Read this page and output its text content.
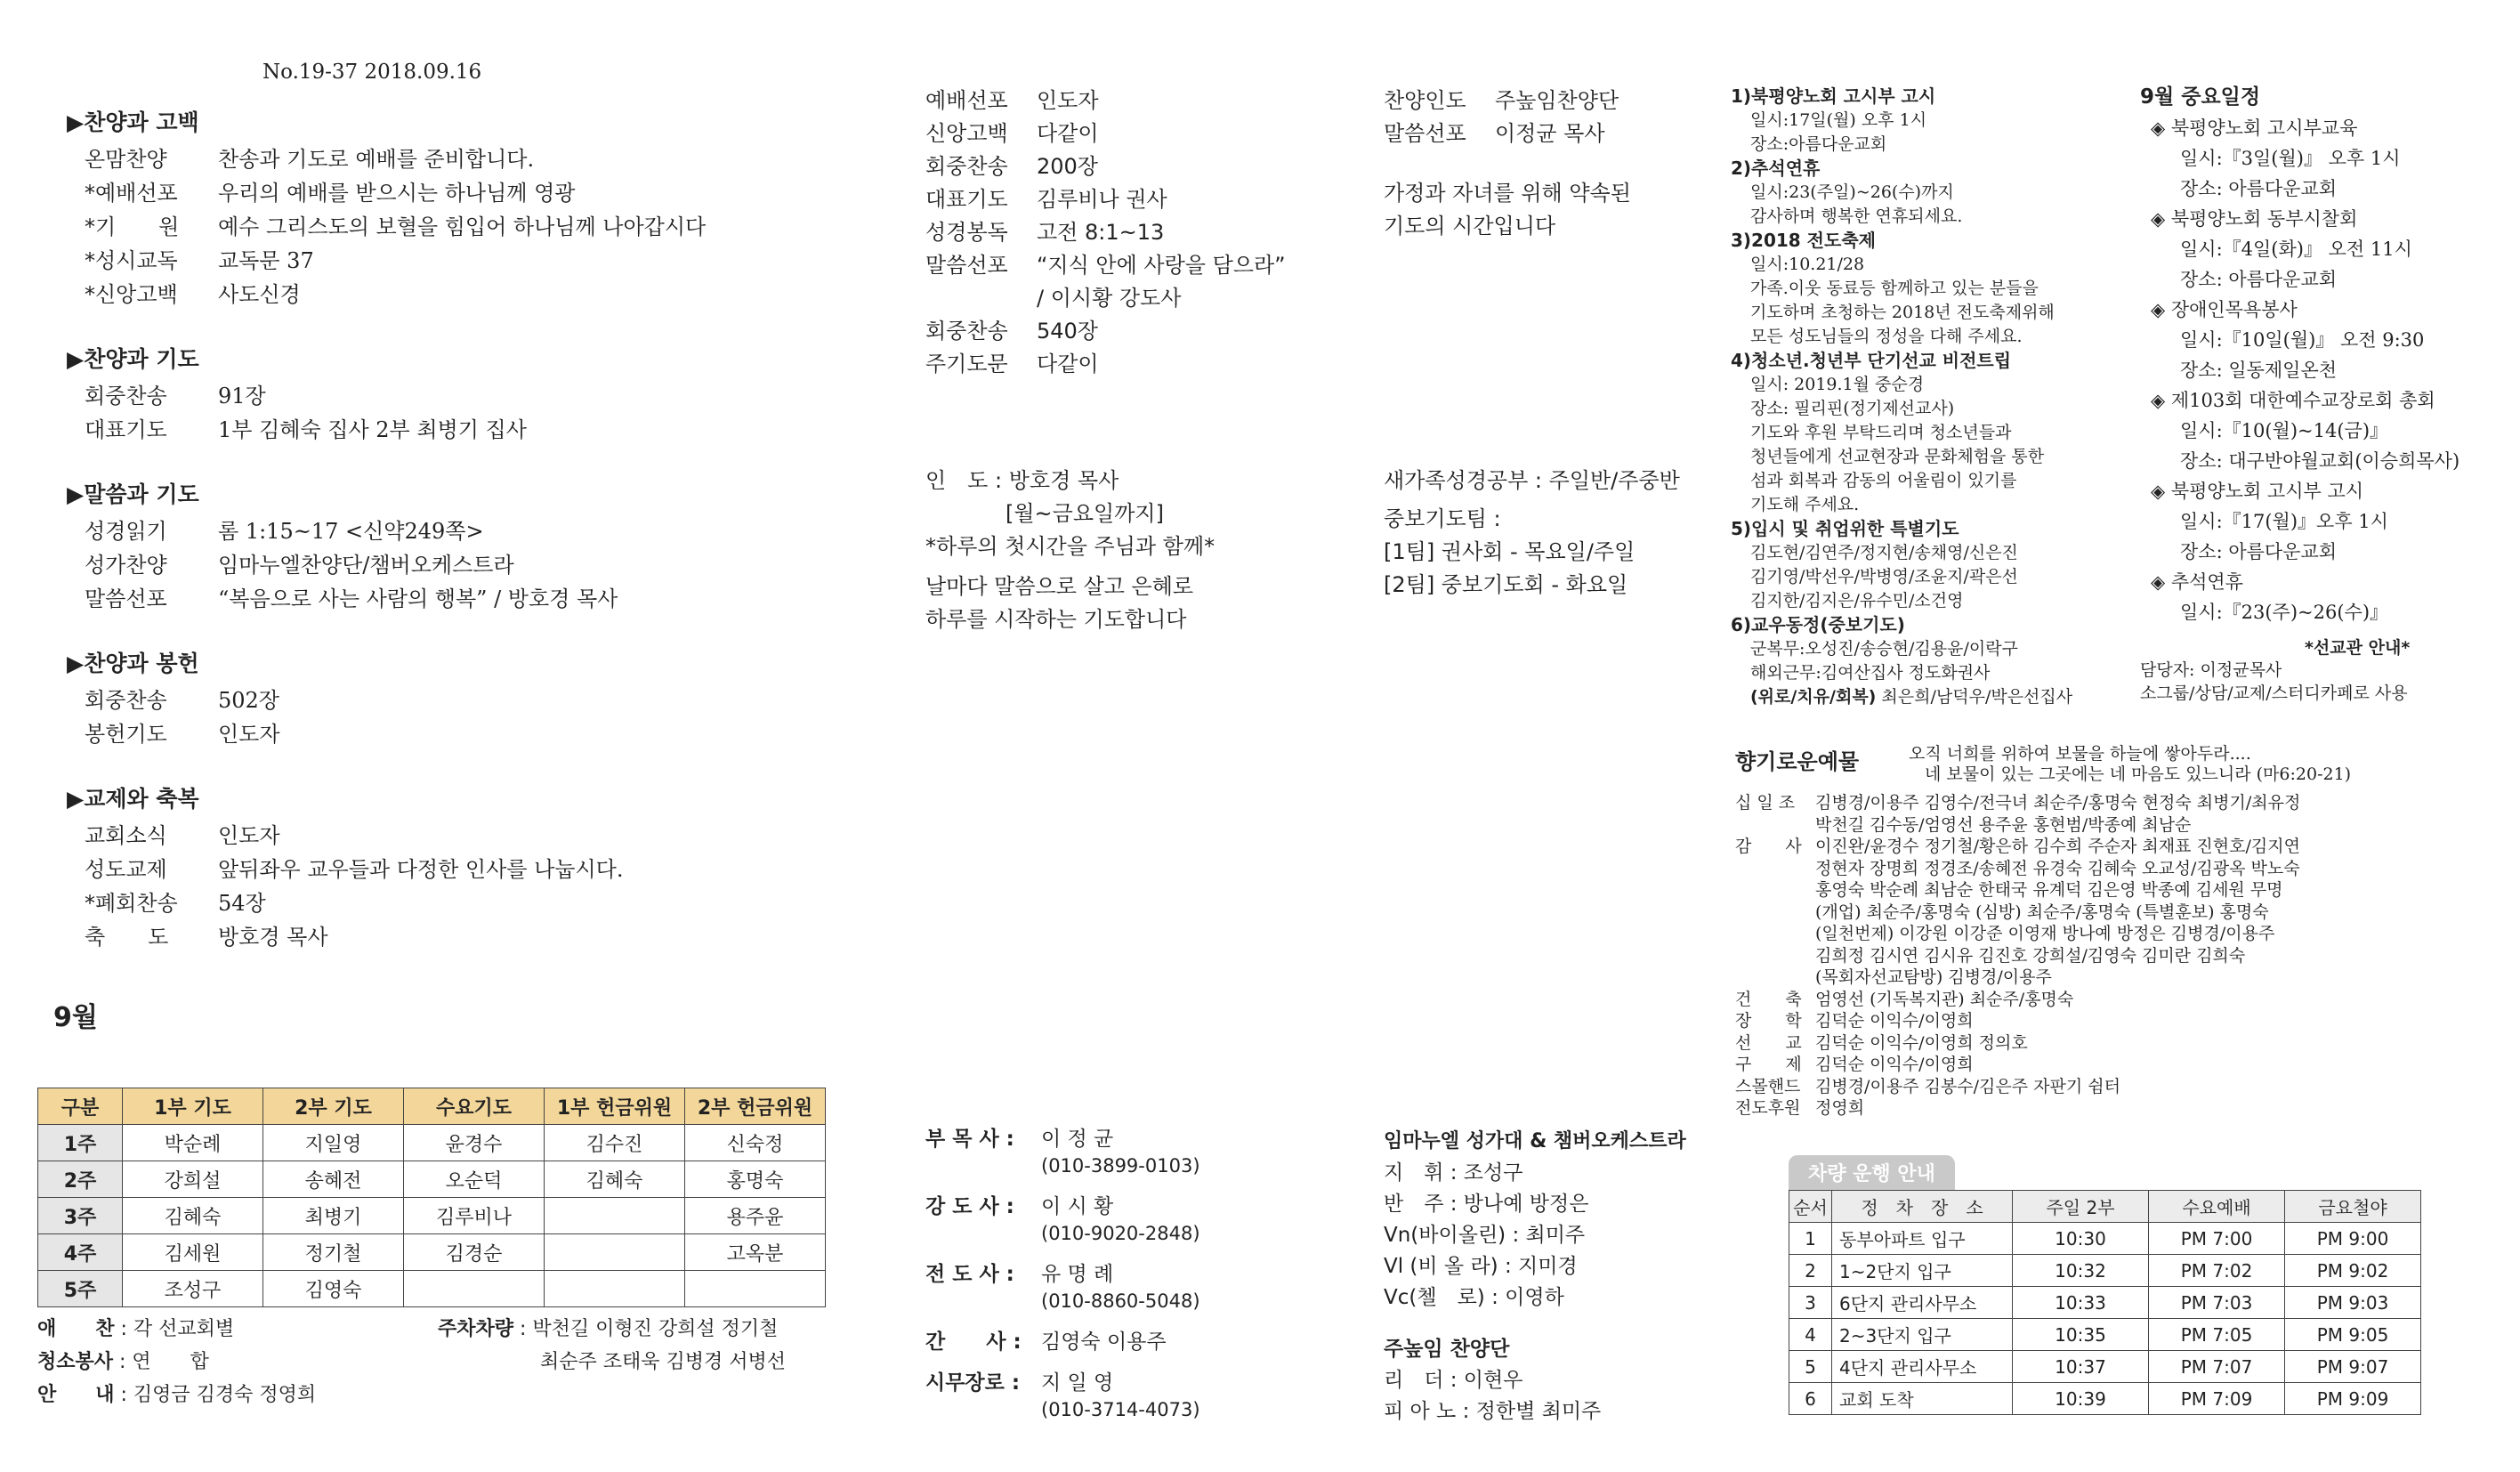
No.19-37 2018.09.16
▶찬양과 고백
온맘찬양	찬송과 기도로 예배를 준비합니다.
*예배선포	우리의 예배를 받으시는 하나님께 영광
*기　　원	예수 그리스도의 보혈을 힘입어 하나님께 나아갑시다
*성시교독	교독문 37
*신앙고백	사도신경
▶찬양과 기도
회중찬송	91장
대표기도	1부 김혜숙 집사 2부 최병기 집사
▶말씀과 기도
성경읽기	롬 1:15~17 <신약249쪽>
성가찬양	임마누엘찬양단/챔버오케스트라
말씀선포	“복음으로 사는 사람의 행복” / 방호경 목사
▶찬양과 봉헌
회중찬송	502장
봉헌기도	인도자
▶교제와 축복
교회소식	인도자
성도교제	앞뒤좌우 교우들과 다정한 인사를 나눕시다.
*폐회찬송	54장
축　　도	방호경 목사
9월
구분	1부 기도	2부 기도	수요기도	1부 헌금위원	2부 헌금위원
1주	박순례	지일영	윤경수	김수진	신숙정
2주	강희설	송혜전	오순덕	김혜숙	홍명숙
3주	김혜숙	최병기	김루비나		용주윤
4주	김세원	정기철	김경순		고옥분
5주	조성구	김영숙			
애　　찬 : 각 선교회별
청소봉사 : 연　　합
안　　내 : 김영금 김경숙 정영희
주차차량 : 박천길 이형진 강희설 정기철
최순주 조태욱 김병경 서병선
예배선포 인도자
신앙고백 다같이
회중찬송 200장
대표기도 김루비나 권사
성경봉독 고전 8:1~13
말씀선포 “지식 안에 사랑을 담으라”
/ 이시황 강도사
회중찬송 540장
주기도문 다같이
인　도 : 방호경 목사
[월~금요일까지]
*하루의 첫시간을 주님과 함께*
날마다 말씀으로 살고 은혜로
하루를 시작하는 기도합니다
부 목 사 : 이 정 균
(010-3899-0103)
강 도 사 : 이 시 황
(010-9020-2848)
전 도 사 : 유 명 례
(010-8860-5048)
간　　사 : 김영숙 이용주
시무장로 : 지 일 영
(010-3714-4073)
찬양인도 주높임찬양단
말씀선포 이정균 목사
가정과 자녀를 위해 약속된
기도의 시간입니다
새가족성경공부 : 주일반/주중반
중보기도팀 :
[1팀] 권사회 - 목요일/주일
[2팀] 중보기도회 - 화요일
임마누엘 성가대 & 챔버오케스트라
지　휘 : 조성구
반　주 : 방나예 방정은
Vn(바이올린) : 최미주
Vl (비 올 라) : 지미경
Vc(첼　로) : 이영하
주높임 찬양단
리　더 : 이현우
피 아 노 : 정한별 최미주
1)북평양노회 고시부 고시
일시:17일(월) 오후 1시
장소:아름다운교회
2)추석연휴
일시:23(주일)~26(수)까지
감사하며 행복한 연휴되세요.
3)2018 전도축제
일시:10.21/28
가족.이웃 동료등 함께하고 있는 분들을
기도하며 초청하는 2018년 전도축제위해
모든 성도님들의 정성을 다해 주세요.
4)청소년.청년부 단기선교 비전트립
일시: 2019.1월 중순경
장소: 필리핀(정기제선교사)
기도와 후원 부탁드리며 청소년들과
청년들에게 선교현장과 문화체험을 통한
섬과 회복과 감동의 어울림이 있기를
기도해 주세요.
5)입시 및 취업위한 특별기도
김도현/김연주/정지현/송채영/신은진
김기영/박선우/박병영/조윤지/곽은선
김지한/김지은/유수민/소건영
6)교우동정(중보기도)
군복무:오성진/송승현/김용윤/이락구
해외근무:김여산집사 정도화권사
(위로/치유/회복) 최은희/남덕우/박은선집사
9월 중요일정
◈ 북평양노회 고시부교육
일시:『3일(월)』 오후 1시
장소: 아름다운교회
◈ 북평양노회 동부시찰회
일시:『4일(화)』 오전 11시
장소: 아름다운교회
◈ 장애인목욕봉사
일시:『10일(월)』 오전 9:30
장소: 일동제일온천
◈ 제103회 대한예수교장로회 총회
일시:『10(월)~14(금)』
장소: 대구반야월교회(이승희목사)
◈ 북평양노회 고시부 고시
일시:『17(월)』오후 1시
장소: 아름다운교회
◈ 추석연휴
일시:『23(주)~26(수)』
*선교관 안내*
담당자: 이정균목사
소그룹/상담/교제/스터디카페로 사용
향기로운예물	오직 너희를 위하여 보물을 하늘에 쌓아두라....
네 보물이 있는 그곳에는 네 마음도 있느니라 (마6:20-21)
십 일 조	김병경/이용주 김영수/전극녀 최순주/홍명숙 현정숙 최병기/최유정
박천길 김수동/엄영선 용주윤 홍현범/박종예 최남순
감　　사 이진완/윤경수 정기철/황은하 김수희 주순자 최재표 진현호/김지연
정현자 장명희 정경조/송혜전 유경숙 김혜숙 오교성/김광옥 박노숙
홍영숙 박순례 최남순 한태국 유계덕 김은영 박종예 김세원 무명
(개업) 최순주/홍명숙 (심방) 최순주/홍명숙 (특별훈보) 홍명숙
(일천번제) 이강원 이강준 이영재 방나예 방정은 김병경/이용주
김희정 김시연 김시유 김진호 강희설/김영숙 김미란 김희숙
(목회자선교탐방) 김병경/이용주
건　　축 엄영선 (기독복지관) 최순주/홍명숙
장　　학 김덕순 이익수/이영희
선　　교 김덕순 이익수/이영희 정의호
구　　제 김덕순 이익수/이영희
스몰핸드 김병경/이용주 김봉수/김은주 자판기 쉼터
전도후원 정영희
차량 운행 안내
순서	정　차　장　소	주일 2부	수요예배	금요철야
1	동부아파트 입구	10:30	PM 7:00	PM 9:00
2	1~2단지 입구	10:32	PM 7:02	PM 9:02
3	6단지 관리사무소	10:33	PM 7:03	PM 9:03
4	2~3단지 입구	10:35	PM 7:05	PM 9:05
5	4단지 관리사무소	10:37	PM 7:07	PM 9:07
6	교회 도착	10:39	PM 7:09	PM 9:09
